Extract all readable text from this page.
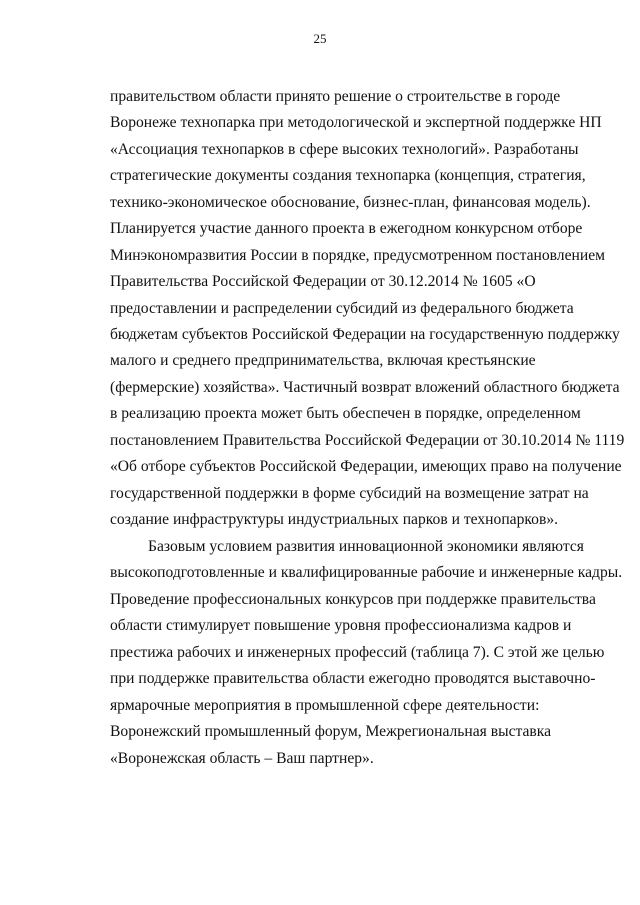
25
правительством области принято решение о строительстве в городе
Воронеже технопарка при методологической и экспертной поддержке НП
«Ассоциация технопарков в сфере высоких технологий». Разработаны
стратегические документы создания технопарка (концепция, стратегия,
технико-экономическое обоснование, бизнес-план, финансовая модель).
Планируется участие данного проекта в ежегодном конкурсном отборе
Минэкономразвития России в порядке, предусмотренном постановлением
Правительства Российской Федерации от 30.12.2014 № 1605 «О
предоставлении и распределении субсидий из федерального бюджета
бюджетам субъектов Российской Федерации на государственную поддержку
малого и среднего предпринимательства, включая крестьянские
(фермерские) хозяйства». Частичный возврат вложений областного бюджета
в реализацию проекта может быть обеспечен в порядке, определенном
постановлением Правительства Российской Федерации от 30.10.2014 № 1119
«Об отборе субъектов Российской Федерации, имеющих право на получение
государственной поддержки в форме субсидий на возмещение затрат на
создание инфраструктуры индустриальных парков и технопарков».
Базовым условием развития инновационной экономики являются
высокоподготовленные и квалифицированные рабочие и инженерные кадры.
Проведение профессиональных конкурсов при поддержке правительства
области стимулирует повышение уровня профессионализма кадров и
престижа рабочих и инженерных профессий (таблица 7). С этой же целью
при поддержке правительства области ежегодно проводятся выставочно-
ярмарочные мероприятия в промышленной сфере деятельности:
Воронежский промышленный форум, Межрегиональная выставка
«Воронежская область – Ваш партнер».
